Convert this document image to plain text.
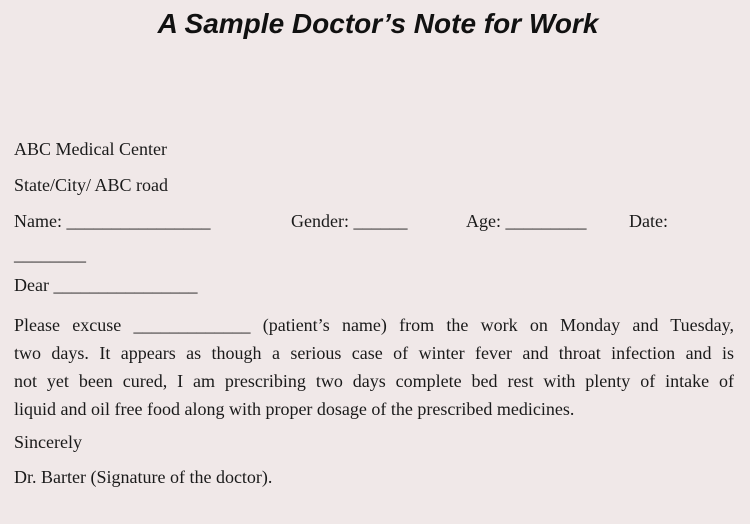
A Sample Doctor’s Note for Work
ABC Medical Center
State/City/ ABC road
Name: ________________	Gender: ______	Age: _________ Date:
________
Dear ________________
Please excuse _____________ (patient’s name) from the work on Monday and Tuesday,
two days. It appears as though a serious case of winter fever and throat infection and is
not yet been cured, I am prescribing two days complete bed rest with plenty of intake of
liquid and oil free food along with proper dosage of the prescribed medicines.
Sincerely
Dr. Barter (Signature of the doctor).
